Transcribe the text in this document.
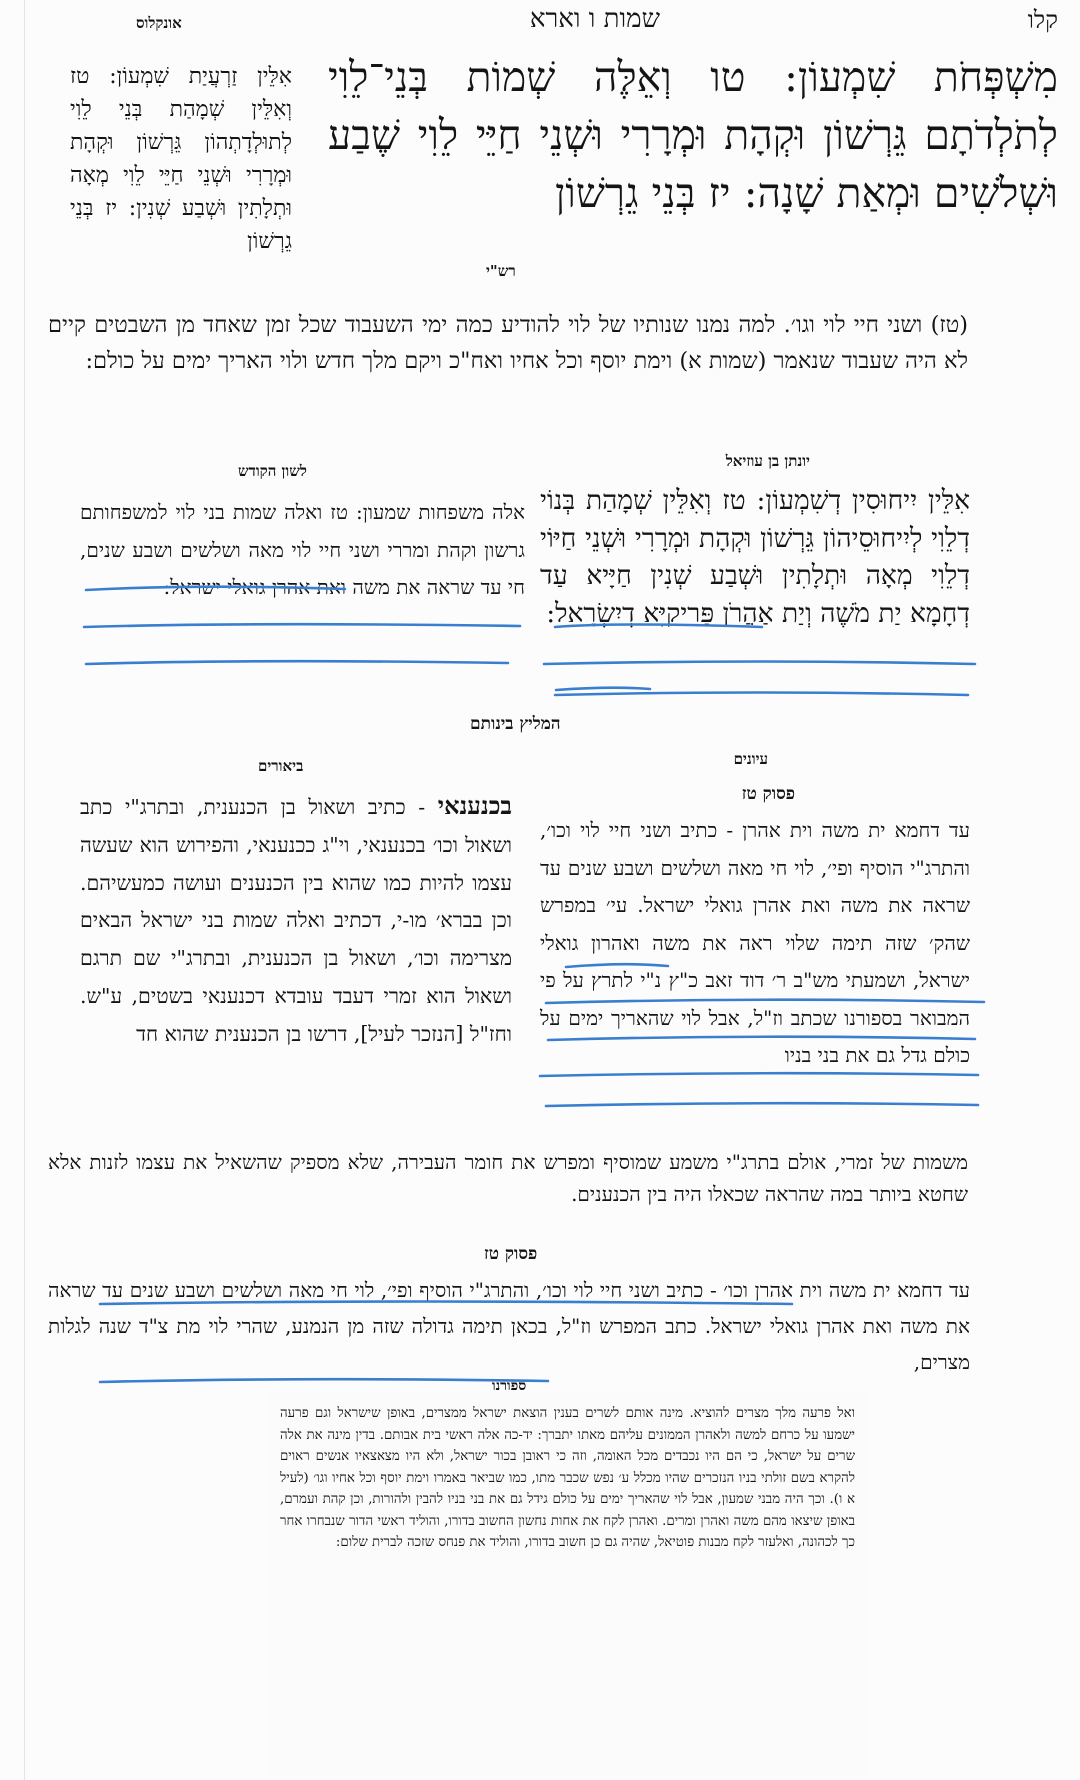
קלו
שמות ו וארא
אונקלוס
מִשְׁפְּחֹת שִׁמְעוֹן: טו וְאֵלֶּה שְׁמוֹת בְּנֵי־לֵוִי לְתֹלְדֹתָם גֵּרְשׁוֹן וּקְהָת וּמְרָרִי וּשְׁנֵי חַיֵּי לֵוִי שֶׁבַע וּשְׁלֹשִׁים וּמְאַת שָׁנָה: יז בְּנֵי גֵרְשׁוֹן
אִלֵּין זַרְעֲיַת שִׁמְעוֹן: טז וְאִלֵּין שְׁמָהַת בְּנֵי לֵוִי לְתוּלְדָתְהוֹן גֵּרְשׁוֹן וּקְהָת וּמְרָרִי וּשְׁנֵי חַיֵּי לֵוִי מְאָה וּתְלָתִין וּשְׁבַע שְׁנִין: יז בְּנֵי גֵרְשׁוֹן
רש"י
(טז) ושני חיי לוי וגו׳. למה נמנו שנותיו של לוי להודיע כמה ימי השעבוד שכל זמן שאחד מן השבטים קיים לא היה שעבוד שנאמר (שמות א) וימת יוסף וכל אחיו ואח"כ ויקם מלך חדש ולוי האריך ימים על כולם:
יונתן בן עוזיאל
לשון הקודש
אִלֵּין יִיחוּסִין דְשִׁמְעוֹן: טז וְאִלֵּין שְׁמָהַת בְּנוֹי דְלֵוִי לְיִיחוּסֵיהוֹן גֵּרְשׁוֹן וּקְהָת וּמְרָרִי וּשְׁנֵי חַיּוֹי דְלֵוִי מְאָה וּתְלָתִין וּשְׁבַע שְׁנִין חַיָּיא עַד דְחָמָא יַת מֹשֶׁה וְיַת אַהֲרֹן פָּרִיקַיָּא דְיִשְׂרָאֵל:
אלה משפחות שמעון: טז ואלה שמות בני לוי למשפחותם גרשון וקהת ומררי ושני חיי לוי מאה ושלשים ושבע שנים, חי עד שראה את משה ואת אהרן גואלי ישראל:
המליץ בינותם
עיונים
ביאורים
פסוק טז
עד דחמא ית משה וית אהרן - כתיב ושני חיי לוי וכו׳, והתרג"י הוסיף ופי׳, לוי חי מאה ושלשים ושבע שנים עד שראה את משה ואת אהרן גואלי ישראל. עי׳ במפרש שהק׳ שזה תימה שלוי ראה את משה ואהרון גואלי ישראל, ושמעתי מש"ב ר׳ דוד זאב כ"ץ נ"י לתרץ על פי המבואר בספורנו שכתב וז"ל, אבל לוי שהאריך ימים על כולם גדל גם את בני בניו
בכנענאי - כתיב ושאול בן הכנענית, ובתרג"י כתב ושאול וכו׳ בכנענאי, וי"ג ככנענאי, והפירוש הוא שעשה עצמו להיות כמו שהוא בין הכנענים ועושה כמעשיהם. וכן בברא׳ מו-י, דכתיב ואלה שמות בני ישראל הבאים מצרימה וכו׳, ושאול בן הכנענית, ובתרג"י שם תרגם ושאול הוא זמרי דעבד עובדא דכנענאי בשטים, ע"ש. וחז"ל [הנזכר לעיל], דרשו בן הכנענית שהוא חד
משמות של זמרי, אולם בתרג"י משמע שמוסיף ומפרש את חומר העבירה, שלא מספיק שהשאיל את עצמו לזנות אלא שחטא ביותר במה שהראה שכאלו היה בין הכנענים.
פסוק טז
עד דחמא ית משה וית אהרן וכו׳ - כתיב ושני חיי לוי וכו׳, והתרג"י הוסיף ופי׳, לוי חי מאה ושלשים ושבע שנים עד שראה את משה ואת אהרן גואלי ישראל. כתב המפרש וז"ל, בכאן תימה גדולה שזה מן הנמנע, שהרי לוי מת צ"ד שנה לגלות מצרים,
ספורנו
ואל פרעה מלך מצרים להוציא. מינה אותם לשרים בענין הוצאת ישראל ממצרים, באופן שישראל וגם פרעה ישמעו על כרחם למשה ולאהרן הממונים עליהם מאתו יתברך: יד-כה אלה ראשי בית אבותם. בדין מינה את אלה שרים על ישראל, כי הם היו נכבדים מכל האומה, וזה כי ראובן בכור ישראל, ולא היו מצאצאיו אנשים ראוים להקרא בשם זולתי בניו הנזכרים שהיו מכלל ע׳ נפש שכבר מתו, כמו שביאר באמרו וימת יוסף וכל אחיו וגו׳ (לעיל א ו). וכך היה מבני שמעון, אבל לוי שהאריך ימים על כולם גידל גם את בני בניו להבין ולהורות, וכן קהת ועמרם, באופן שיצאו מהם משה ואהרן ומרים. ואהרן לקח את אחות נחשון החשוב בדורו, והוליד ראשי הדור שנבחרו אחר כך לכהונה, ואלעזר לקח מבנות פוטיאל, שהיה גם כן חשוב בדורו, והוליד את פנחס שזכה לברית שלום:
